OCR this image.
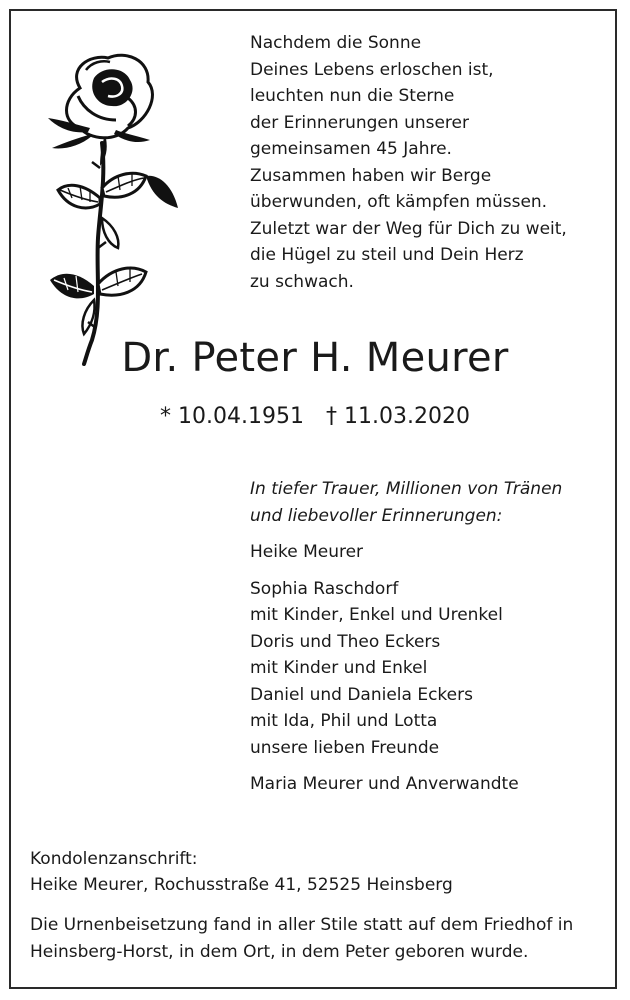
Nachdem die Sonne
Deines Lebens erloschen ist,
leuchten nun die Sterne
der Erinnerungen unserer
gemeinsamen 45 Jahre.
Zusammen haben wir Berge
überwunden, oft kämpfen müssen.
Zuletzt war der Weg für Dich zu weit,
die Hügel zu steil und Dein Herz
zu schwach.
Dr. Peter H. Meurer
* 10.04.1951 † 11.03.2020
In tiefer Trauer, Millionen von Tränen
und liebevoller Erinnerungen:
Heike Meurer
Sophia Raschdorf
mit Kinder, Enkel und Urenkel
Doris und Theo Eckers
mit Kinder und Enkel
Daniel und Daniela Eckers
mit Ida, Phil und Lotta
unsere lieben Freunde
Maria Meurer und Anverwandte
Kondolenzanschrift:
Heike Meurer, Rochusstraße 41, 52525 Heinsberg
Die Urnenbeisetzung fand in aller Stile statt auf dem Friedhof in
Heinsberg-Horst, in dem Ort, in dem Peter geboren wurde.
